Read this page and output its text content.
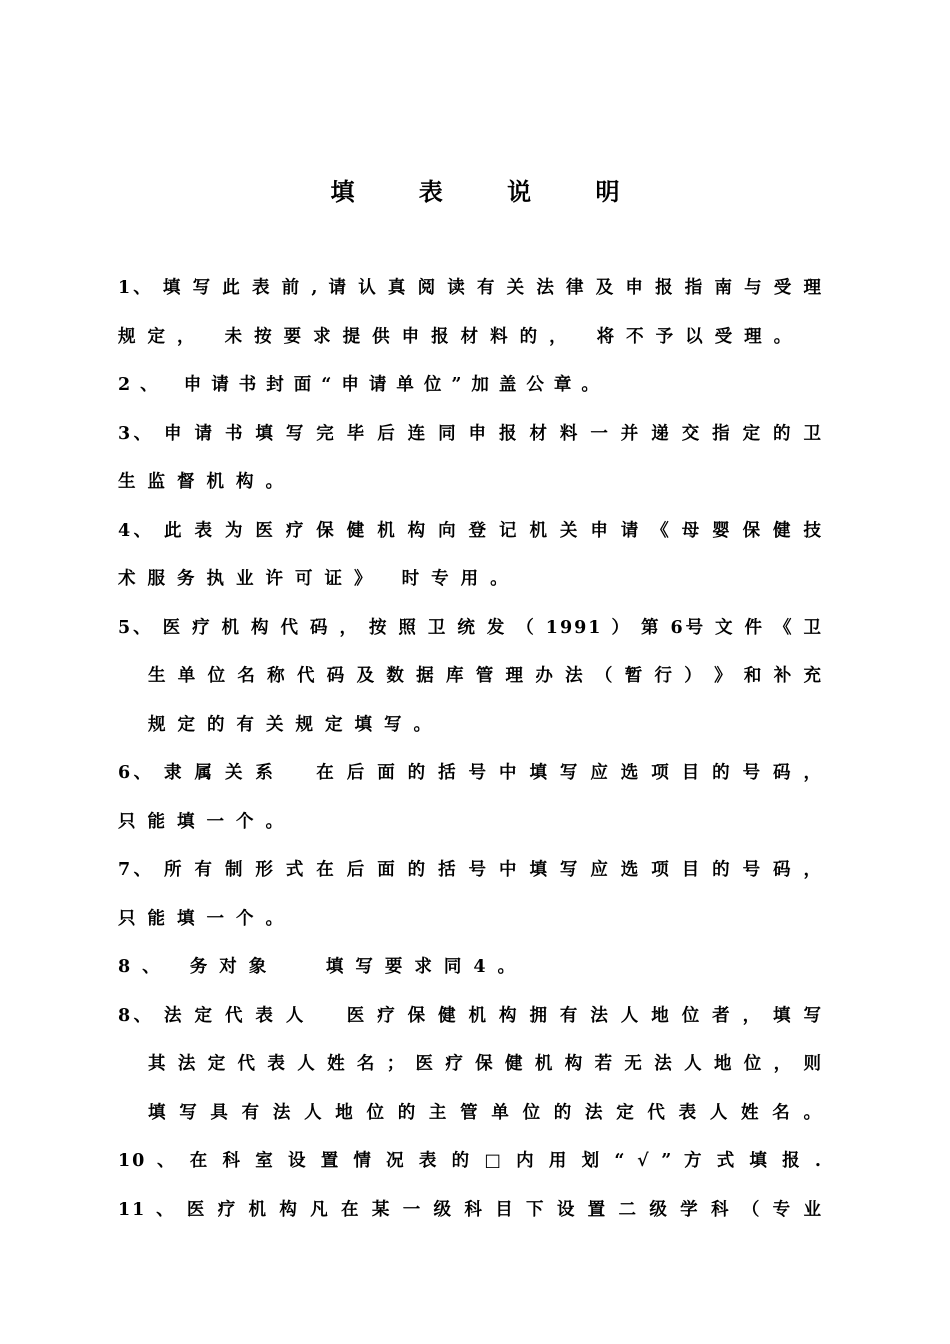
填 表 说 明
1、 填 写 此 表 前 , 请 认 真 阅 读 有 关 法 律 及 申 报 指 南 与 受 理
规定， 未按要求提供申报材料的， 将不予以受理。
2、 申请书封面“申请单位”加盖公章。
3、 申 请 书 填 写 完 毕 后 连 同 申 报 材 料 一 并 递 交 指 定 的 卫
生监督机构。
4、 此 表 为 医 疗 保 健 机 构 向 登 记 机 关 申 请 《 母 婴 保 健 技
术服务执业许可证》 时专用。
5、 医 疗 机 构 代 码 ， 按 照 卫 统 发 （ 1991 ） 第 6号 文 件 《 卫
生 单 位 名 称 代 码 及 数 据 库 管 理 办 法 （ 暂 行 ） 》 和 补 充
规定的有关规定填写。
6、 隶 属 关 系 　 在 后 面 的 括 号 中 填 写 应 选 项 目 的 号 码 ，
只能填一个。
7、 所 有 制 形 式 在 后 面 的 括 号 中 填 写 应 选 项 目 的 号 码 ，
只能填一个。
8、 务对象 　填写要求同4。
8、 法 定 代 表 人 　 医 疗 保 健 机 构 拥 有 法 人 地 位 者 ， 填 写
其 法 定 代 表 人 姓 名 ； 医 疗 保 健 机 构 若 无 法 人 地 位 ， 则
填 写 具 有 法 人 地 位 的 主 管 单 位 的 法 定 代 表 人 姓 名 。
10 、 在 科 室 设 置 情 况 表 的 □ 内 用 划 “ √ ” 方 式 填 报 .
11 、 医 疗 机 构 凡 在 某 一 级 科 目 下 设 置 二 级 学 科 （ 专 业
